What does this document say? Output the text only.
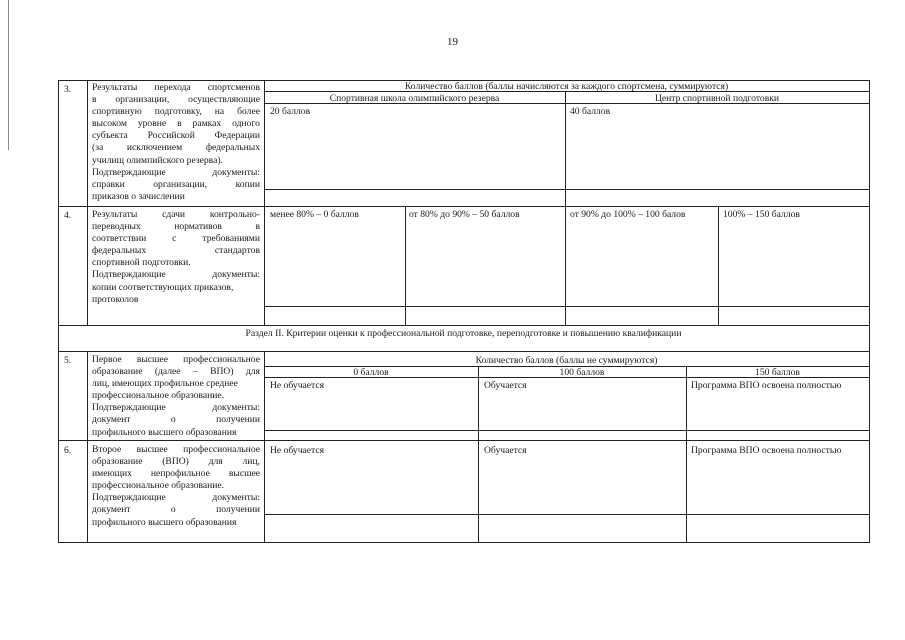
19
3. Результаты перехода спортсменов
в организации, осуществляющие
спортивную подготовку, на более
высоком уровне в рамках одного
субъекта Российской Федерации
(за исключением федеральных
училищ олимпийского резерва).
Подтверждающие	документы:
справки	организации,	копии
приказов о зачислении
Количество баллов (баллы начисляются за каждого спортсмена, суммируются)
Спортивная школа олимпийского резерва	Центр спортивной подготовки
20 баллов	40 баллов
4. Результаты	сдачи	контрольно-
переводных	нормативов	в
соответствии	с	требованиями
федеральных	стандартов
спортивной подготовки.
Подтверждающие	документы:
копии соответствующих приказов,
протоколов
менее 80% – 0 баллов	от 80% до 90% – 50 баллов	от 90% до 100% – 100 балов	100% – 150 баллов
Раздел II. Критерии оценки к профессиональной подготовке, переподготовке и повышению квалификации
5. Первое высшее профессиональное
образование (далее – ВПО) для
лиц, имеющих профильное среднее
профессиональное образование.
Подтверждающие	документы:
документ	о	получении
профильного высшего образования
Количество баллов (баллы не суммируются)
0 баллов	100 баллов	150 баллов
Не обучается	Обучается	Программа ВПО освоена полностью
6. Второе высшее профессиональное
образование (ВПО) для лиц,
имеющих непрофильное высшее
профессиональное образование.
Подтверждающие	документы:
документ	о	получении
профильного высшего образования
Не обучается	Обучается	Программа ВПО освоена полностью
